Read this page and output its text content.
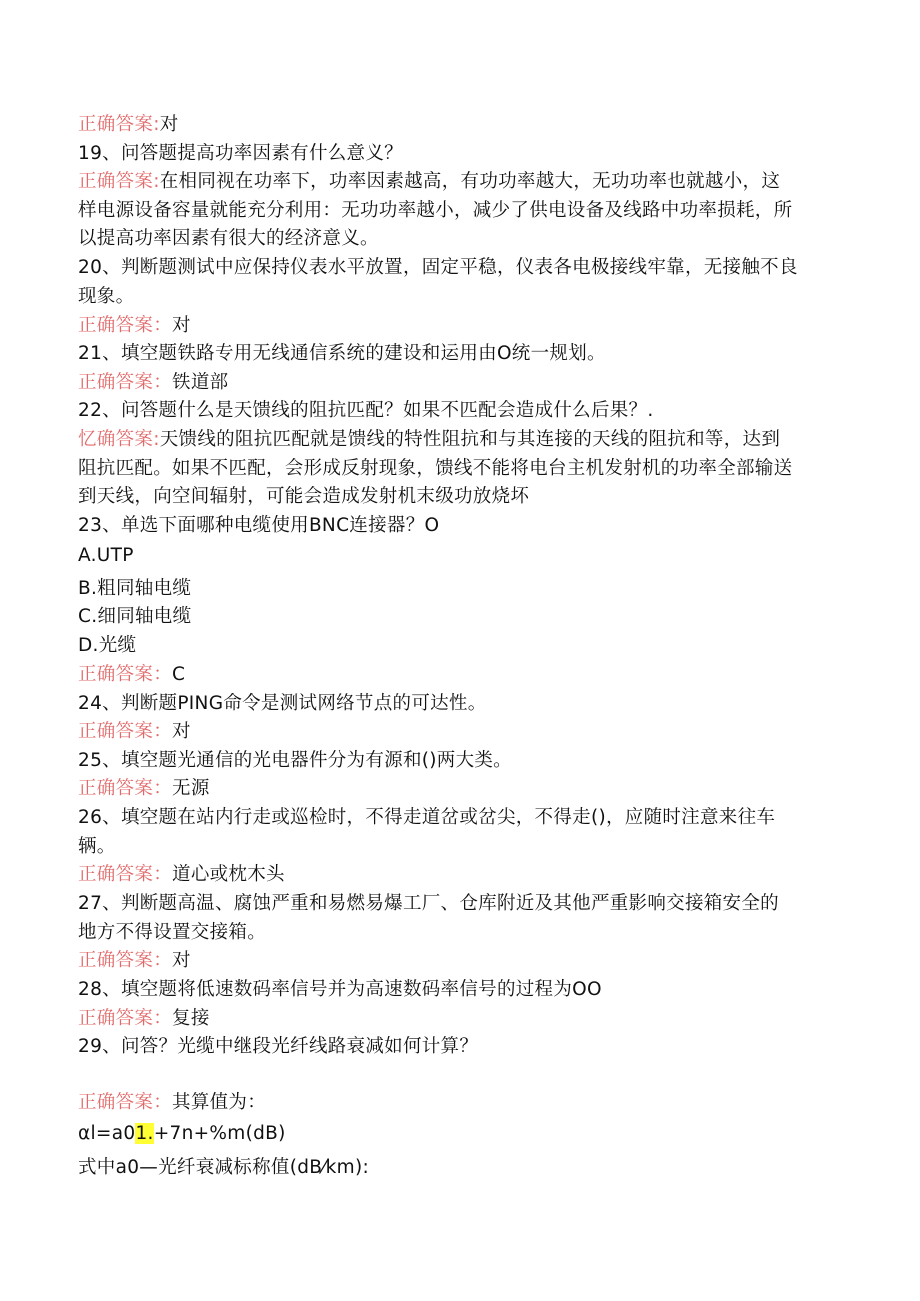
正确答案:对
19、问答题提高功率因素有什么意义？
正确答案:在相同视在功率下，功率因素越高，有功功率越大，无功功率也就越小，这
样电源设备容量就能充分利用：无功功率越小，减少了供电设备及线路中功率损耗，所
以提高功率因素有很大的经济意义。
20、判断题测试中应保持仪表水平放置，固定平稳，仪表各电极接线牢靠，无接触不良
现象。
正确答案：对
21、填空题铁路专用无线通信系统的建设和运用由O统一规划。
正确答案：铁道部
22、问答题什么是天馈线的阻抗匹配？如果不匹配会造成什么后果？.
忆确答案:天馈线的阻抗匹配就是馈线的特性阻抗和与其连接的天线的阻抗和等，达到
阻抗匹配。如果不匹配，会形成反射现象，馈线不能将电台主机发射机的功率全部输送
到天线，向空间辐射，可能会造成发射机末级功放烧坏
23、单选下面哪种电缆使用BNC连接器？O
A.UTP
B.粗同轴电缆
C.细同轴电缆
D.光缆
正确答案：C
24、判断题PING命令是测试网络节点的可达性。
正确答案：对
25、填空题光通信的光电器件分为有源和()两大类。
正确答案：无源
26、填空题在站内行走或巡检时，不得走道岔或岔尖，不得走()，应随时注意来往车
辆。
正确答案：道心或枕木头
27、判断题高温、腐蚀严重和易燃易爆工厂、仓库附近及其他严重影响交接箱安全的
地方不得设置交接箱。
正确答案：对
28、填空题将低速数码率信号并为高速数码率信号的过程为OO
正确答案：复接
29、问答？光缆中继段光纤线路衰减如何计算？
正确答案：其算值为：
αl=a01.+7n+%m(dB)
式中a0—光纤衰减标称值(dB⁄km):
